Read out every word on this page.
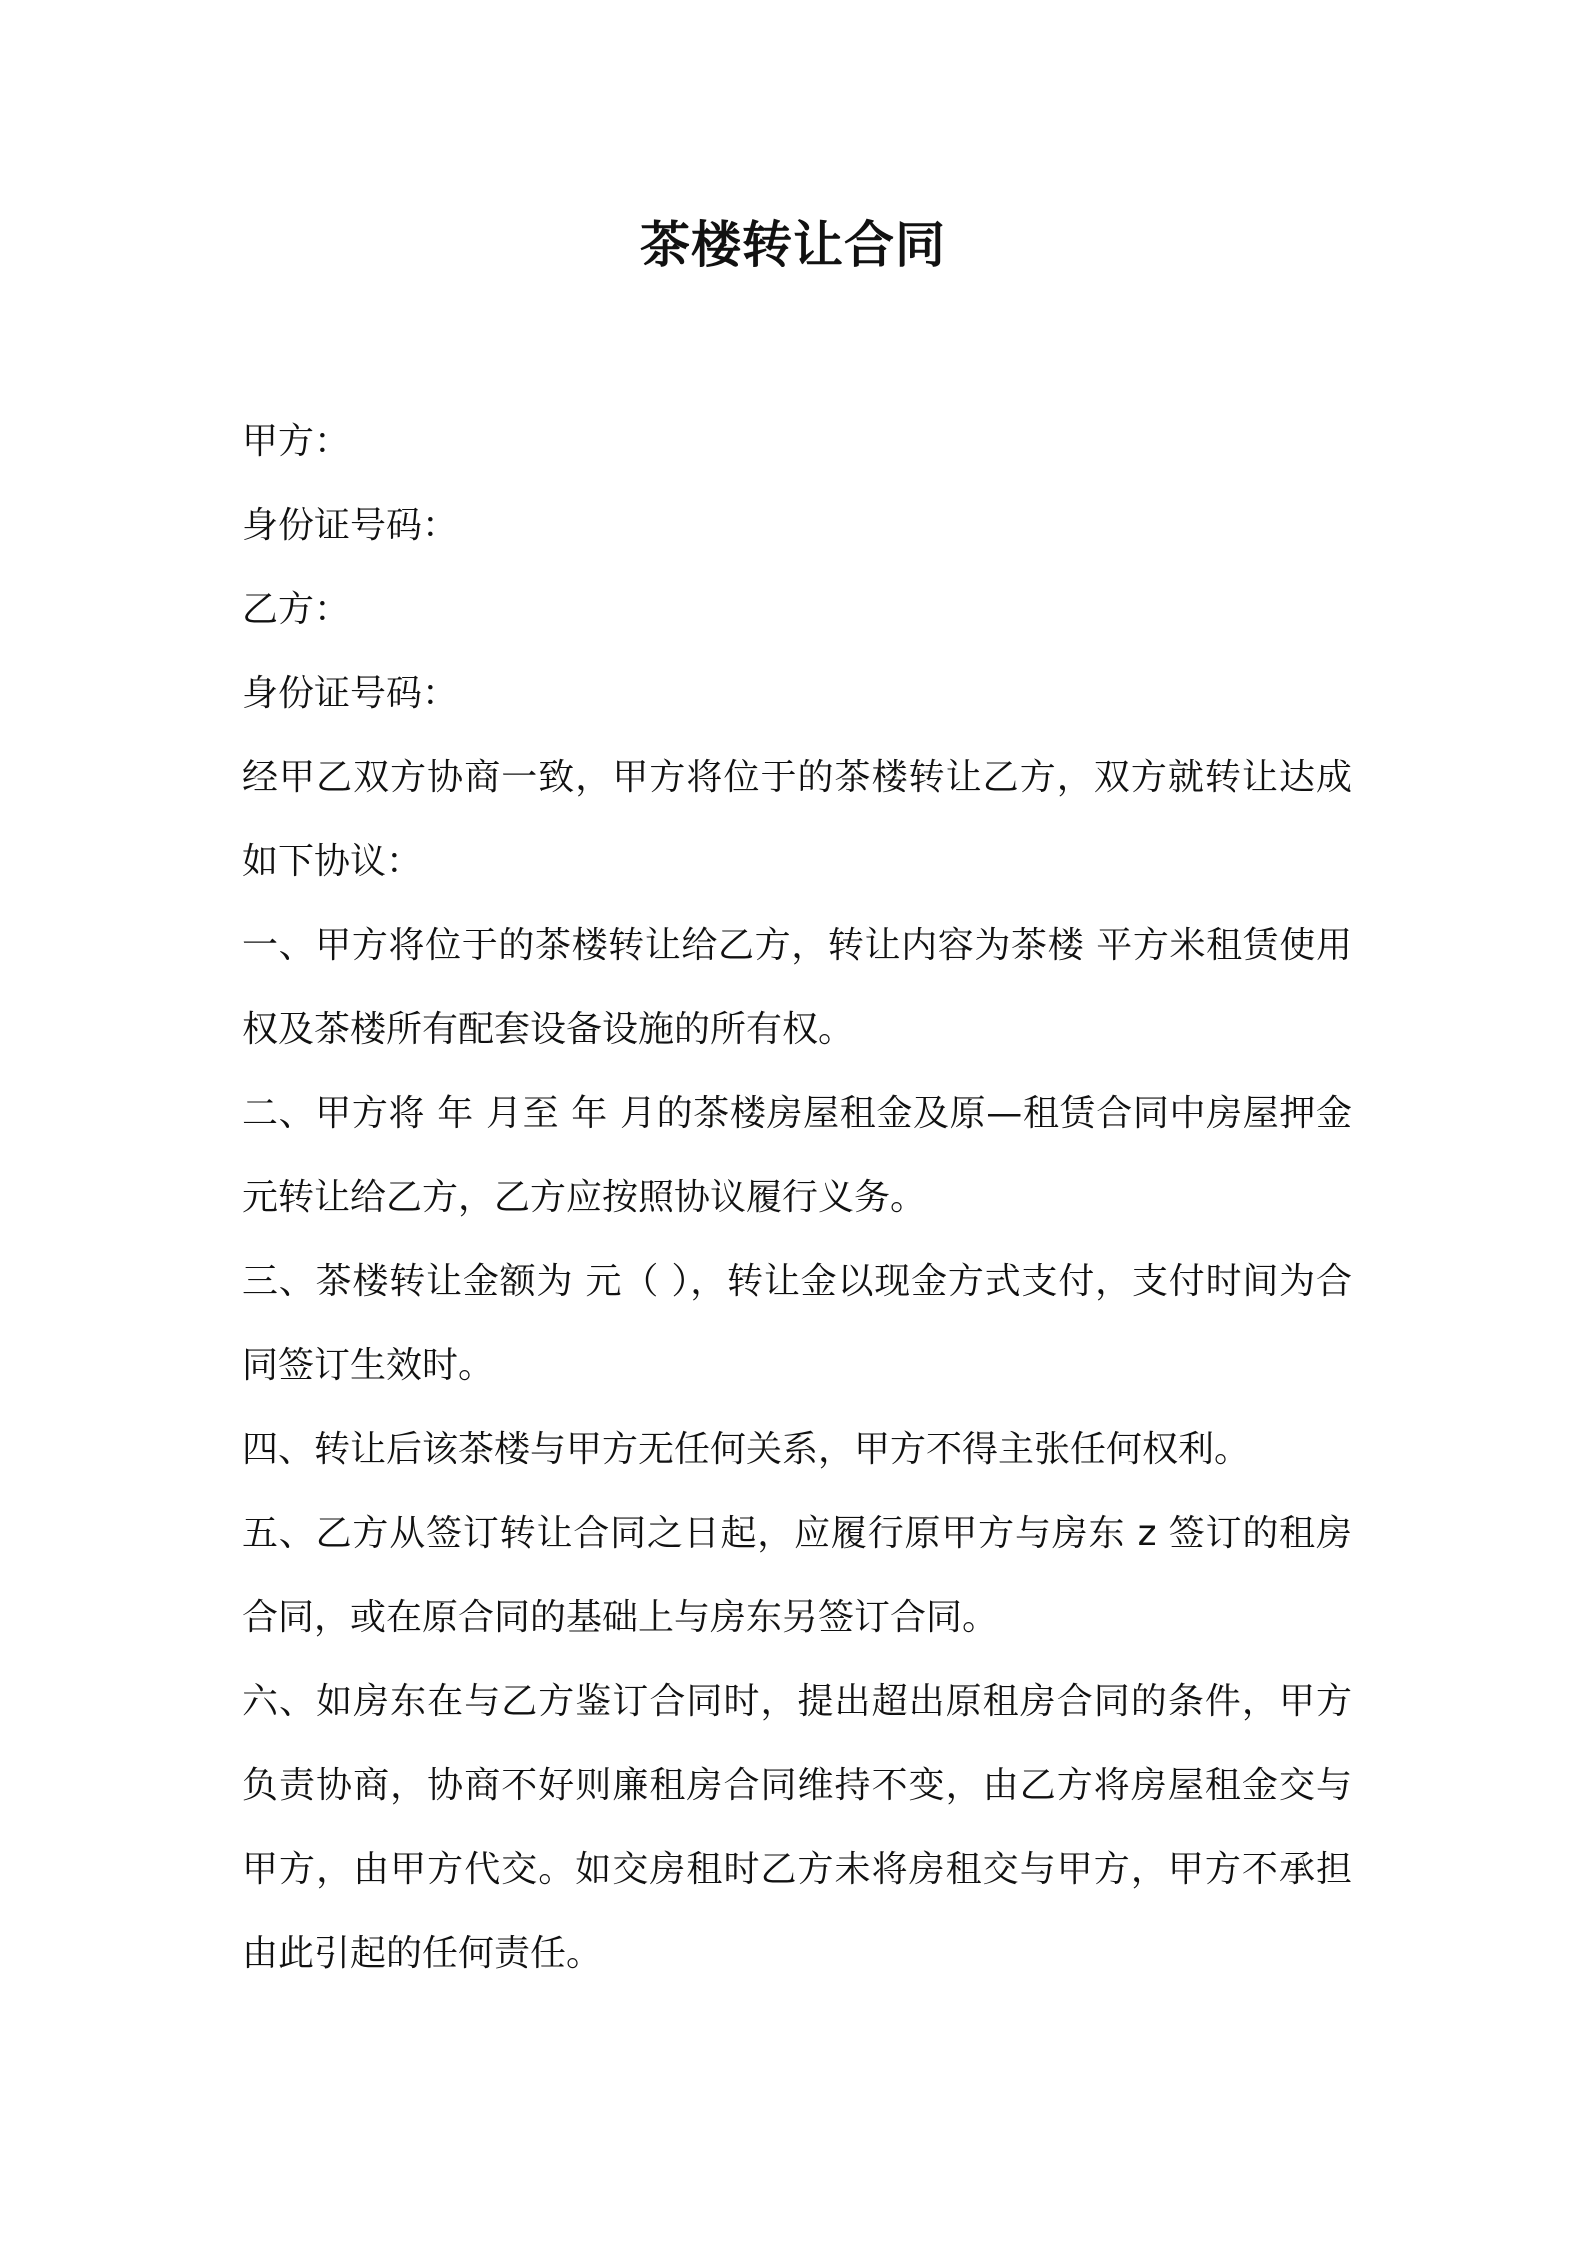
茶楼转让合同

甲方：

身份证号码：

乙方：

身份证号码：

经甲乙双方协商一致，甲方将位于的茶楼转让乙方，双方就转让达成如下协议：

一、甲方将位于的茶楼转让给乙方，转让内容为茶楼 平方米租赁使用权及茶楼所有配套设备设施的所有权。

二、甲方将 年 月至 年 月的茶楼房屋租金及原—租赁合同中房屋押金 元转让给乙方，乙方应按照协议履行义务。

三、茶楼转让金额为 元（ ），转让金以现金方式支付，支付时间为合同签订生效时。

四、转让后该茶楼与甲方无任何关系，甲方不得主张任何权利。

五、乙方从签订转让合同之日起，应履行原甲方与房东 z 签订的租房合同，或在原合同的基础上与房东另签订合同。

六、如房东在与乙方鉴订合同时，提出超出原租房合同的条件，甲方负责协商，协商不好则廉租房合同维持不变，由乙方将房屋租金交与甲方，由甲方代交。如交房租时乙方未将房租交与甲方，甲方不承担由此引起的任何责任。
